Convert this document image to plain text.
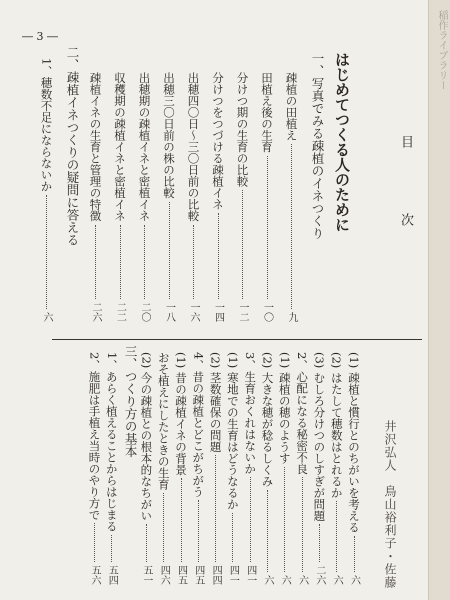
稲作ライブラリー
目　次
井沢弘人　鳥山裕利子・佐藤
― 3 ―
はじめてつくる人のために
一、写真でみる疎植のイネつくり
疎植の田植え
九
田植え後の生育
一〇
分けつ期の生育の比較
一二
分けつをつづける疎植イネ
一四
出穂四〇日～三〇日前の比較
一六
出穂三〇日前の株の比較
一八
出穂期の疎植イネと密植イネ
二〇
収穫期の疎植イネと密植イネ
二二
疎植イネの生育と管理の特徴
二六
二、疎植イネつくりの疑問に答える
1、穂数不足にならないか
六
(1) 疎植と慣行とのちがいを考える
六
(2) はたして穂数はとれるか
六
(3) むしろ分けつのしすぎが問題
二六
2、心配になる秘密不良
六
(1) 疎植の穂のようす
六
(2) 大きな穂が稔るしくみ
六
3、生育おくれはないか
四一
(1) 寒地での生育はどうなるか
四一
(2) 茎数確保の問題
四四
4、昔の疎植とどこがちがう
四五
(1) 昔の疎植イネの背景
四五
おそ植えにしたときの生育
四六
(2) 今の疎植との根本的なちがい
五一
三、つくり方の基本
1、あらく植えることからはじまる
五四
2、施肥は手植え当時のやり方で
五六
